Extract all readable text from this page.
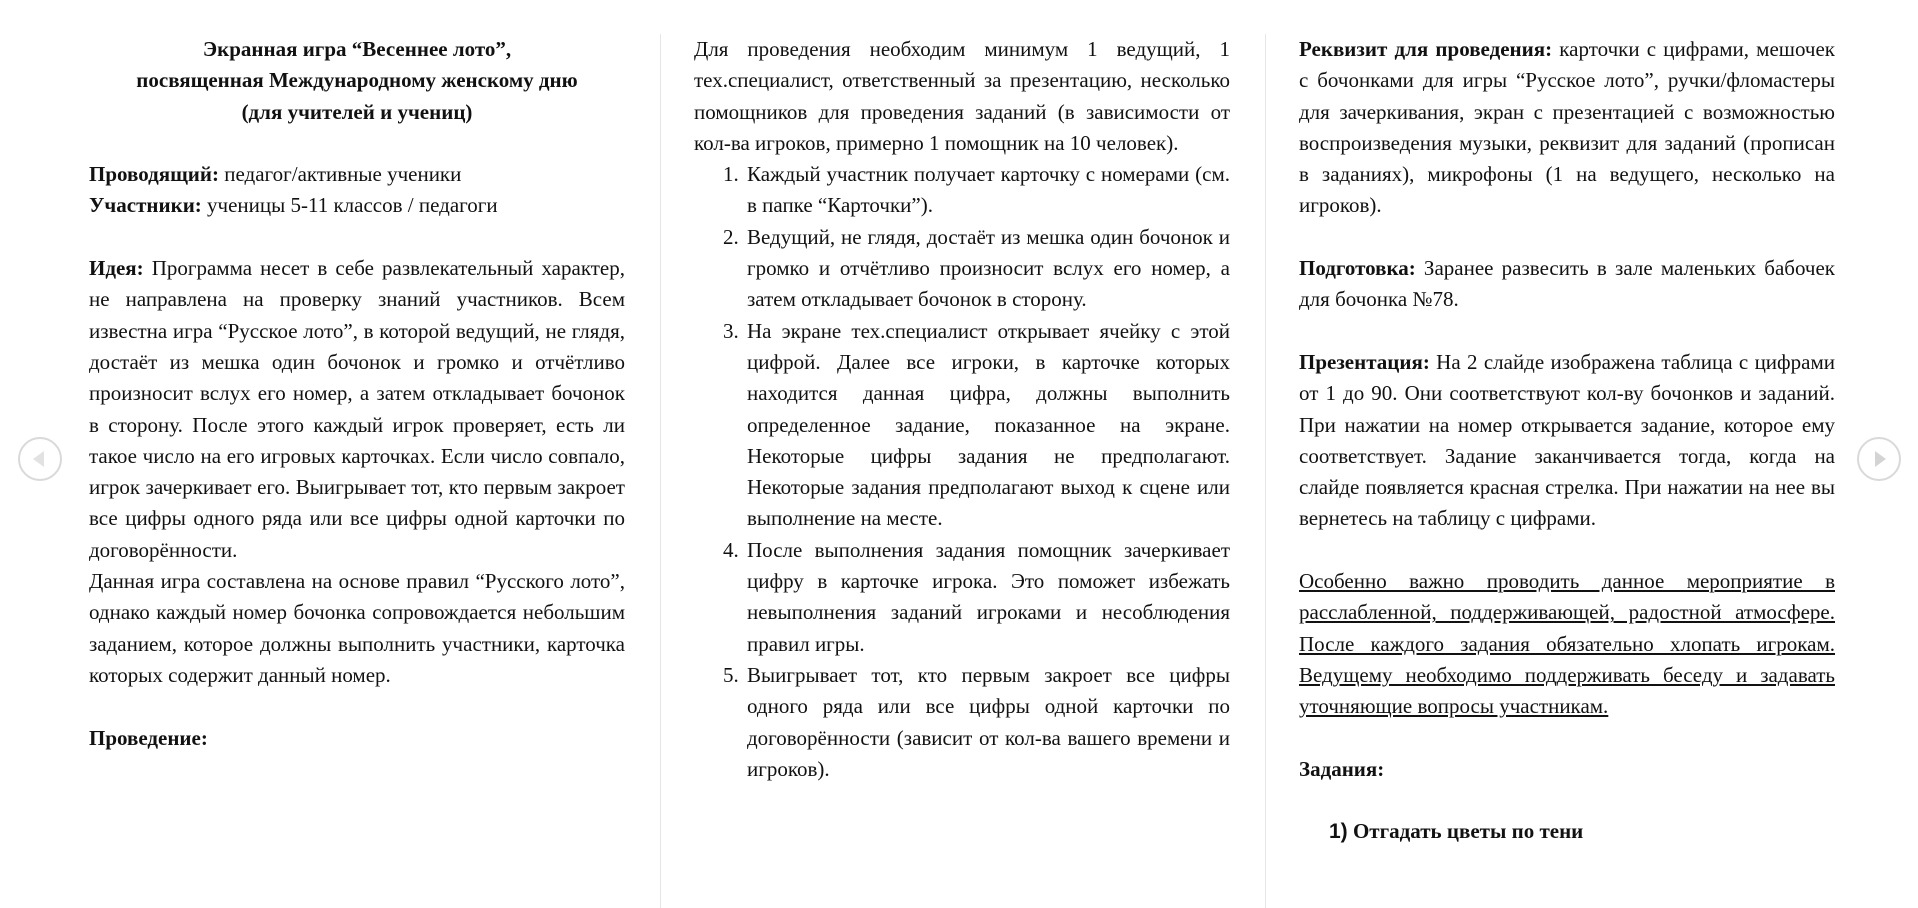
Экранная игра “Весеннее лото”,

посвященная Международному женскому дню

(для учителей и учениц)

Проводящий: педагог/активные ученики

Участники: ученицы 5-11 классов / педагоги

Идея: Программа несет в себе развлекательный характер, не направлена на проверку знаний участников. Всем известна игра “Русское лото”, в которой ведущий, не глядя, достаёт из мешка один бочонок и громко и отчётливо произносит вслух его номер, а затем откладывает бочонок в сторону. После этого каждый игрок проверяет, есть ли такое число на его игровых карточках. Если число совпало, игрок зачеркивает его. Выигрывает тот, кто первым закроет все цифры одного ряда или все цифры одной карточки по договорённости.

Данная игра составлена на основе правил “Русского лото”, однако каждый номер бочонка сопровождается небольшим заданием, которое должны выполнить участники, карточка которых содержит данный номер.

Проведение:

Для проведения необходим минимум 1 ведущий, 1 тех.специалист, ответственный за презентацию, несколько помощников для проведения заданий (в зависимости от кол-ва игроков, примерно 1 помощник на 10 человек).

1. Каждый участник получает карточку с номерами (см. в папке “Карточки”).
2. Ведущий, не глядя, достаёт из мешка один бочонок и громко и отчётливо произносит вслух его номер, а затем откладывает бочонок в сторону.
3. На экране тех.специалист открывает ячейку с этой цифрой. Далее все игроки, в карточке которых находится данная цифра, должны выполнить определенное задание, показанное на экране. Некоторые цифры задания не предполагают. Некоторые задания предполагают выход к сцене или выполнение на месте.
4. После выполнения задания помощник зачеркивает цифру в карточке игрока. Это поможет избежать невыполнения заданий игроками и несоблюдения правил игры.
5. Выигрывает тот, кто первым закроет все цифры одного ряда или все цифры одной карточки по договорённости (зависит от кол-ва вашего времени и игроков).

Реквизит для проведения: карточки с цифрами, мешочек с бочонками для игры “Русское лото”, ручки/фломастеры для зачеркивания, экран с презентацией с возможностью воспроизведения музыки, реквизит для заданий (прописан в заданиях), микрофоны (1 на ведущего, несколько на игроков).

Подготовка: Заранее развесить в зале маленьких бабочек для бочонка №78.

Презентация: На 2 слайде изображена таблица с цифрами от 1 до 90. Они соответствуют кол-ву бочонков и заданий. При нажатии на номер открывается задание, которое ему соответствует. Задание заканчивается тогда, когда на слайде появляется красная стрелка. При нажатии на нее вы вернетесь на таблицу с цифрами.

Особенно важно проводить данное мероприятие в расслабленной, поддерживающей, радостной атмосфере. После каждого задания обязательно хлопать игрокам. Ведущему необходимо поддерживать беседу и задавать уточняющие вопросы участникам.

Задания:

1) Отгадать цветы по тени
